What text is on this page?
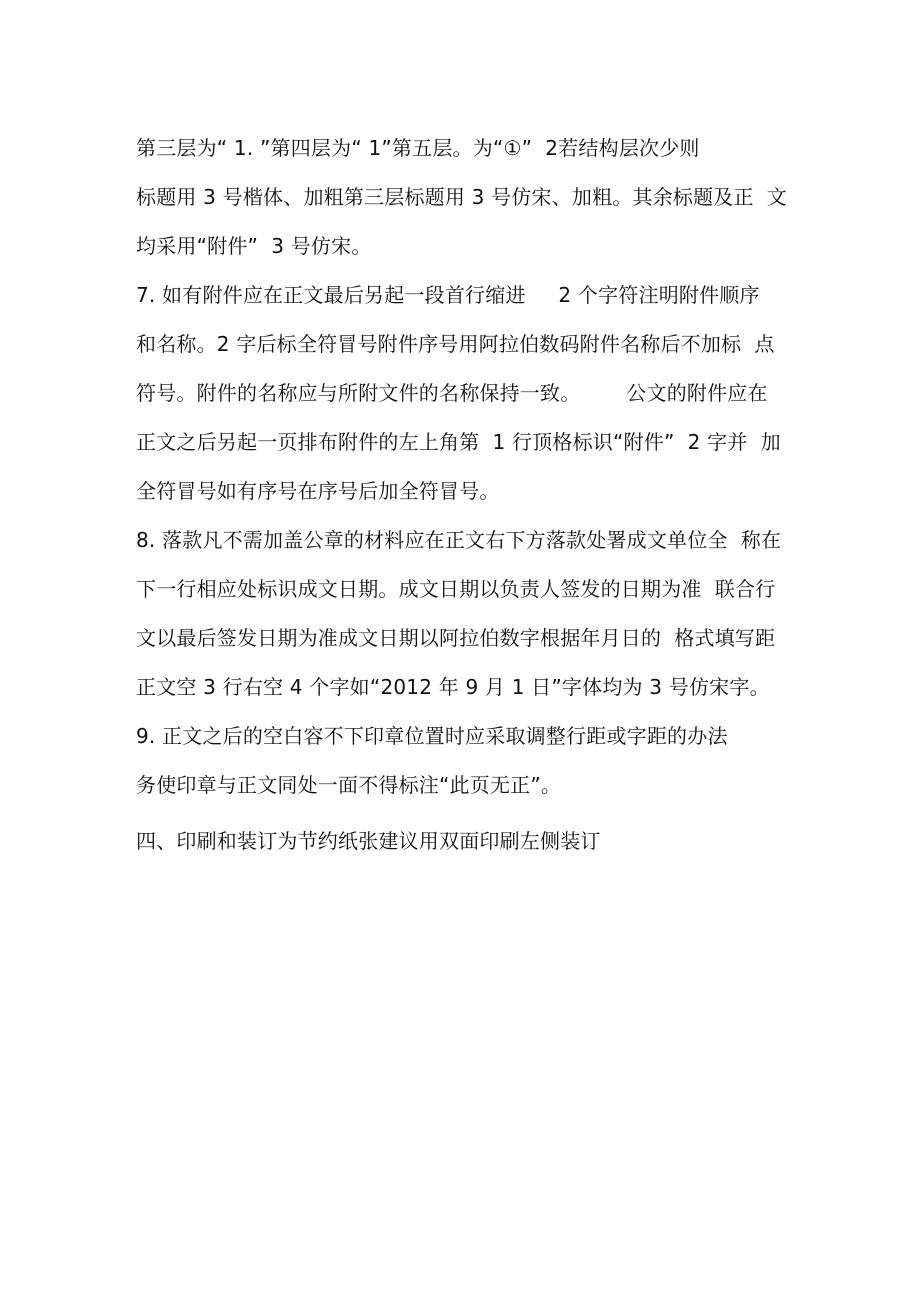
第三层为“ 1. ”第四层为“ 1”第五层。为“①”  2若结构层次少则
标题用 3 号楷体、加粗第三层标题用 3 号仿宋、加粗。其余标题及正  文
均采用“附件”  3 号仿宋。
7. 如有附件应在正文最后另起一段首行缩进     2 个字符注明附件顺序
和名称。2 字后标全符冒号附件序号用阿拉伯数码附件名称后不加标  点
符号。附件的名称应与所附文件的名称保持一致。       公文的附件应在
正文之后另起一页排布附件的左上角第  1 行顶格标识“附件”  2 字并  加
全符冒号如有序号在序号后加全符冒号。
8. 落款凡不需加盖公章的材料应在正文右下方落款处署成文单位全  称在
下一行相应处标识成文日期。成文日期以负责人签发的日期为准  联合行
文以最后签发日期为准成文日期以阿拉伯数字根据年月日的  格式填写距
正文空 3 行右空 4 个字如“2012 年 9 月 1 日”字体均为 3 号仿宋字。
9. 正文之后的空白容不下印章位置时应采取调整行距或字距的办法
务使印章与正文同处一面不得标注“此页无正”。
四、印刷和装订为节约纸张建议用双面印刷左侧装订
